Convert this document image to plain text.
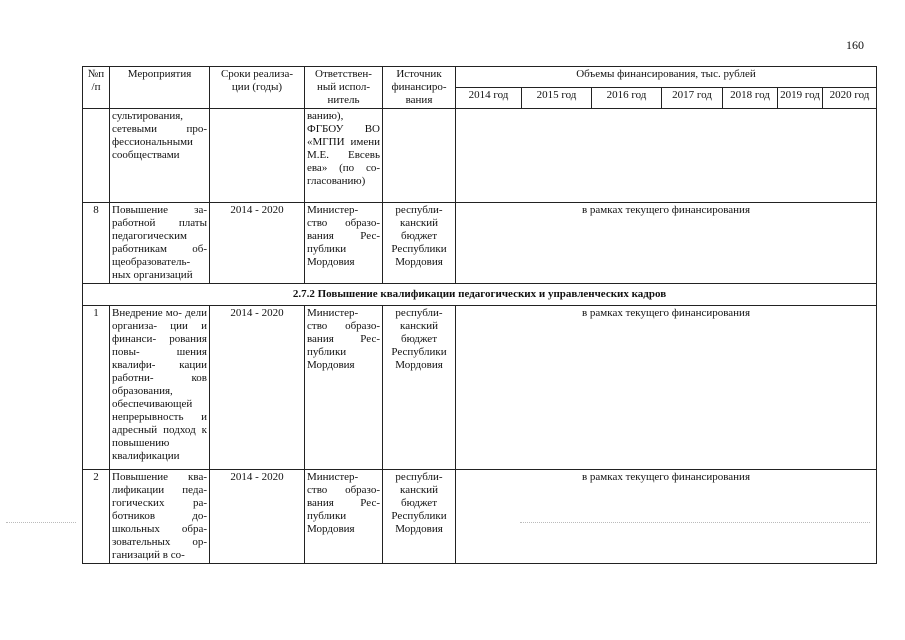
160
№п /п	Мероприятия	Сроки реализа- ции (годы)	Ответствен- ный испол- нитель	Источник финансиро- вания	Объемы финансирования, тыс. рублей						
					2014 год	2015 год	2016 год	2017 год	2018 год	2019 год	2020 год
	сультирования, сетевыми про- фессиональными сообществами		ванию), ФГБОУ ВО «МГПИ имени М.Е. Евсевь ева» (по со- гласованию)								
8	Повышение за- работной платы педагогическим работникам об- щеобразователь- ных организаций	2014 - 2020	Министер- ство образо- вания Рес- публики Мордовия	республи- канский бюджет Республики Мордовия	в рамках текущего финансирования						
2.7.2 Повышение квалификации педагогических и управленческих кадров											
1	Внедрение мо- дели организа- ции и финанси- рования повы- шения квалифи- кации работни- ков образования, обеспечивающей непрерывность и адресный подход к повышению квалификации	2014 - 2020	Министер- ство образо- вания Рес- публики Мордовия	республи- канский бюджет Республики Мордовия	в рамках текущего финансирования						
2	Повышение ква- лификации педа- гогических ра- ботников до- школьных обра- зовательных ор- ганизаций в со-	2014 - 2020	Министер- ство образо- вания Рес- публики Мордовия	республи- канский бюджет Республики Мордовия	в рамках текущего финансирования						
